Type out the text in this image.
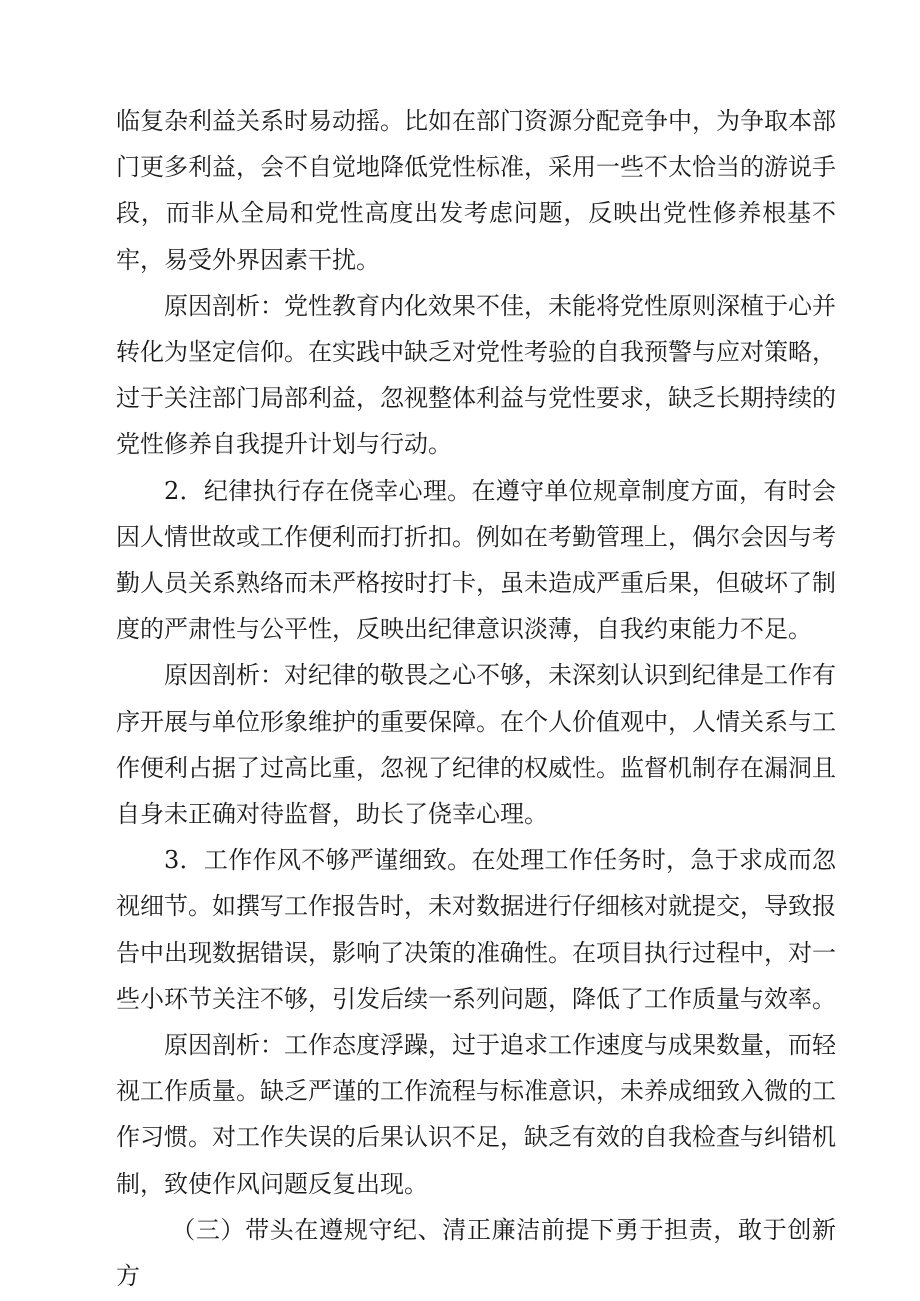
临复杂利益关系时易动摇。比如在部门资源分配竞争中，为争取本部门更多利益，会不自觉地降低党性标准，采用一些不太恰当的游说手段，而非从全局和党性高度出发考虑问题，反映出党性修养根基不牢，易受外界因素干扰。

原因剖析：党性教育内化效果不佳，未能将党性原则深植于心并转化为坚定信仰。在实践中缺乏对党性考验的自我预警与应对策略，过于关注部门局部利益，忽视整体利益与党性要求，缺乏长期持续的党性修养自我提升计划与行动。

2．纪律执行存在侥幸心理。在遵守单位规章制度方面，有时会因人情世故或工作便利而打折扣。例如在考勤管理上，偶尔会因与考勤人员关系熟络而未严格按时打卡，虽未造成严重后果，但破坏了制度的严肃性与公平性，反映出纪律意识淡薄，自我约束能力不足。

原因剖析：对纪律的敬畏之心不够，未深刻认识到纪律是工作有序开展与单位形象维护的重要保障。在个人价值观中，人情关系与工作便利占据了过高比重，忽视了纪律的权威性。监督机制存在漏洞且自身未正确对待监督，助长了侥幸心理。

3．工作作风不够严谨细致。在处理工作任务时，急于求成而忽视细节。如撰写工作报告时，未对数据进行仔细核对就提交，导致报告中出现数据错误，影响了决策的准确性。在项目执行过程中，对一些小环节关注不够，引发后续一系列问题，降低了工作质量与效率。

原因剖析：工作态度浮躁，过于追求工作速度与成果数量，而轻视工作质量。缺乏严谨的工作流程与标准意识，未养成细致入微的工作习惯。对工作失误的后果认识不足，缺乏有效的自我检查与纠错机制，致使作风问题反复出现。

（三）带头在遵规守纪、清正廉洁前提下勇于担责，敢于创新方
